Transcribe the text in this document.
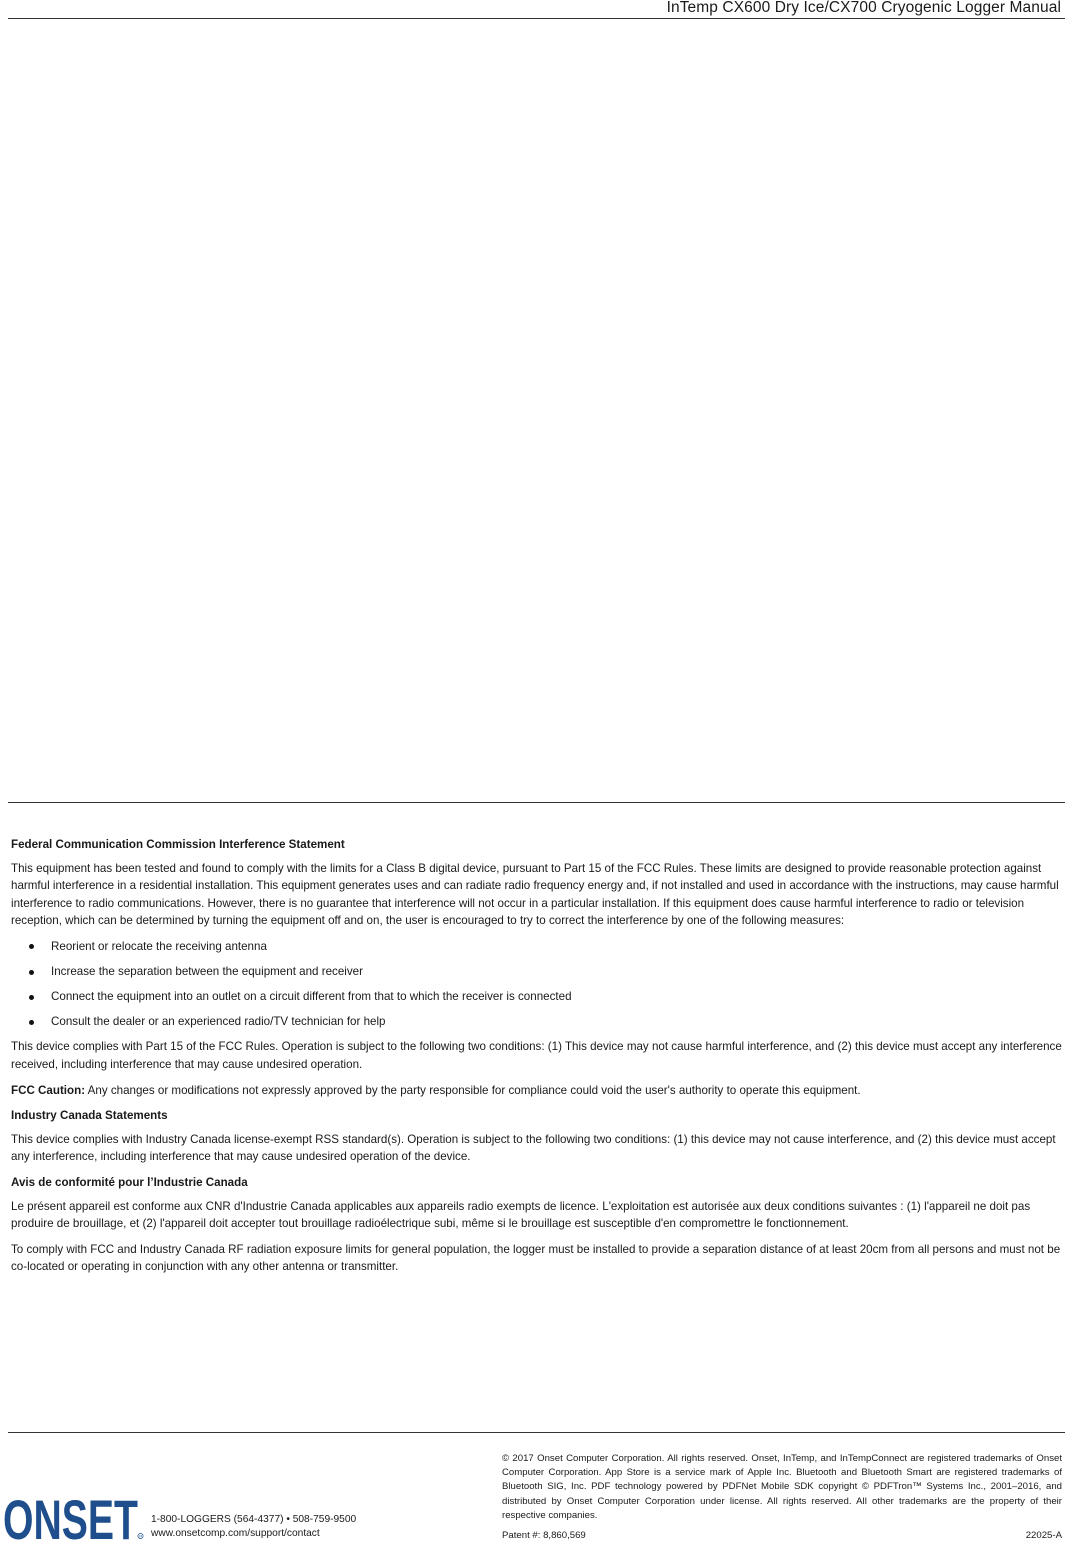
InTemp CX600 Dry Ice/CX700 Cryogenic Logger Manual
Federal Communication Commission Interference Statement

This equipment has been tested and found to comply with the limits for a Class B digital device, pursuant to Part 15 of the FCC Rules. These limits are designed to provide reasonable protection against harmful interference in a residential installation. This equipment generates uses and can radiate radio frequency energy and, if not installed and used in accordance with the instructions, may cause harmful interference to radio communications. However, there is no guarantee that interference will not occur in a particular installation. If this equipment does cause harmful interference to radio or television reception, which can be determined by turning the equipment off and on, the user is encouraged to try to correct the interference by one of the following measures:

Reorient or relocate the receiving antenna
Increase the separation between the equipment and receiver
Connect the equipment into an outlet on a circuit different from that to which the receiver is connected
Consult the dealer or an experienced radio/TV technician for help

This device complies with Part 15 of the FCC Rules. Operation is subject to the following two conditions: (1) This device may not cause harmful interference, and (2) this device must accept any interference received, including interference that may cause undesired operation.

FCC Caution: Any changes or modifications not expressly approved by the party responsible for compliance could void the user's authority to operate this equipment.

Industry Canada Statements

This device complies with Industry Canada license-exempt RSS standard(s). Operation is subject to the following two conditions: (1) this device may not cause interference, and (2) this device must accept any interference, including interference that may cause undesired operation of the device.

Avis de conformité pour l’Industrie Canada

Le présent appareil est conforme aux CNR d'Industrie Canada applicables aux appareils radio exempts de licence. L'exploitation est autorisée aux deux conditions suivantes : (1) l'appareil ne doit pas produire de brouillage, et (2) l'appareil doit accepter tout brouillage radioélectrique subi, même si le brouillage est susceptible d'en compromettre le fonctionnement.

To comply with FCC and Industry Canada RF radiation exposure limits for general population, the logger must be installed to provide a separation distance of at least 20cm from all persons and must not be co-located or operating in conjunction with any other antenna or transmitter.

ONSET R
1-800-LOGGERS (564-4377) • 508-759-9500
www.onsetcomp.com/support/contact
© 2017 Onset Computer Corporation. All rights reserved. Onset, InTemp, and InTempConnect are registered trademarks of Onset Computer Corporation. App Store is a service mark of Apple Inc. Bluetooth and Bluetooth Smart are registered trademarks of Bluetooth SIG, Inc. PDF technology powered by PDFNet Mobile SDK copyright © PDFTron™ Systems Inc., 2001–2016, and distributed by Onset Computer Corporation under license. All rights reserved. All other trademarks are the property of their respective companies.
Patent #: 8,860,569	22025-A
